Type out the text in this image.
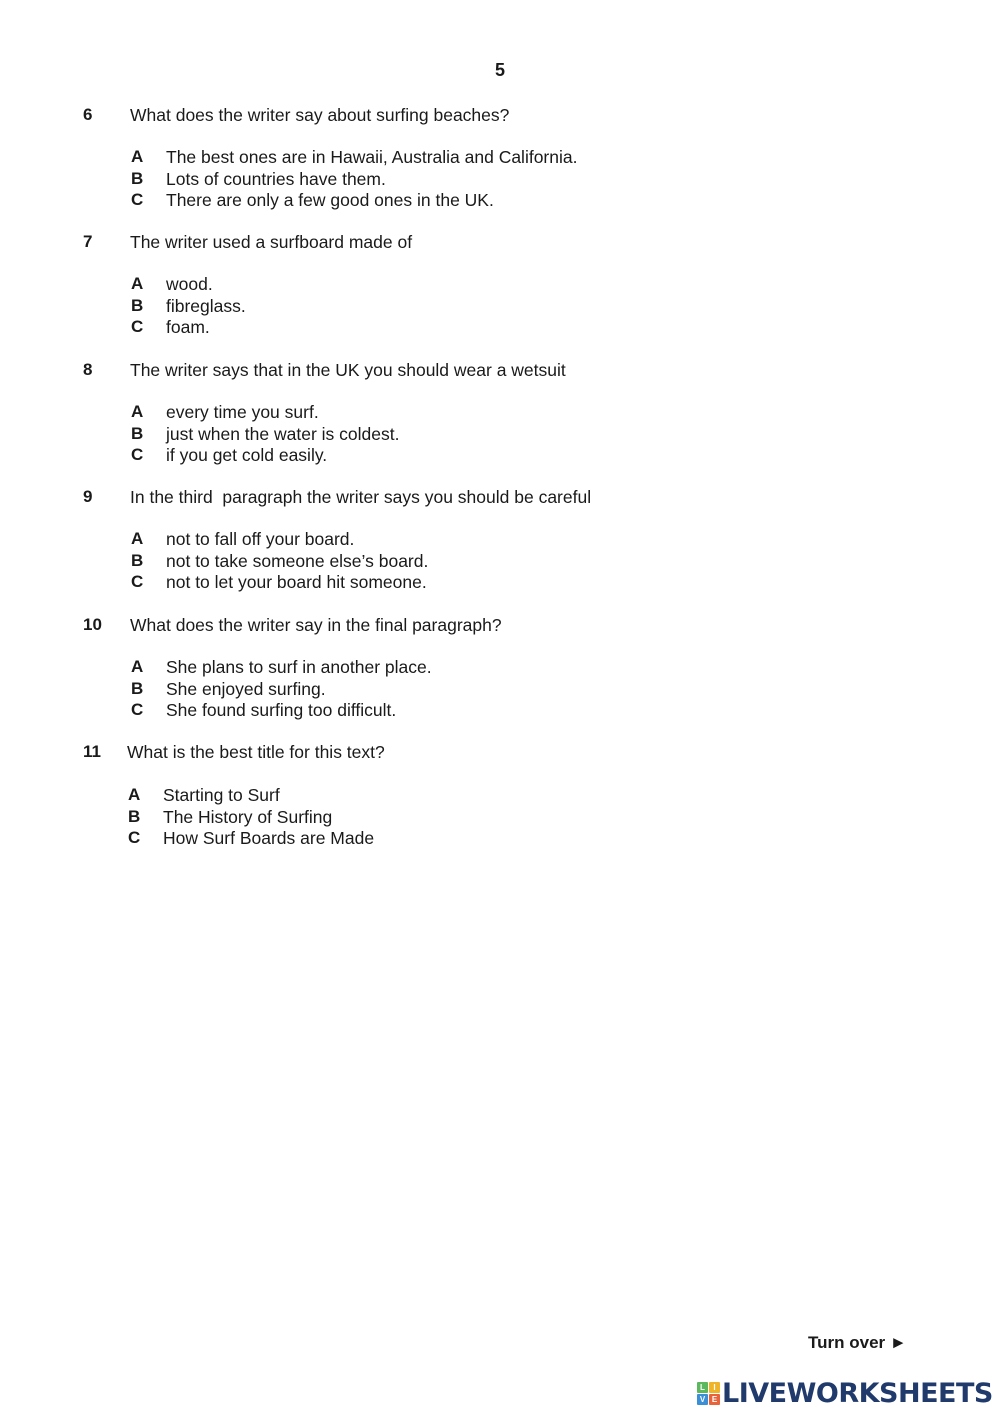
5
6 What does the writer say about surfing beaches?
A The best ones are in Hawaii, Australia and California.
B Lots of countries have them.
C There are only a few good ones in the UK.
7 The writer used a surfboard made of
A wood.
B fibreglass.
C foam.
8 The writer says that in the UK you should wear a wetsuit
A every time you surf.
B just when the water is coldest.
C if you get cold easily.
9 In the third  paragraph the writer says you should be careful
A not to fall off your board.
B not to take someone else’s board.
C not to let your board hit someone.
10 What does the writer say in the final paragraph?
A She plans to surf in another place.
B She enjoyed surfing.
C She found surfing too difficult.
11 What is the best title for this text?
A Starting to Surf
B The History of Surfing
C How Surf Boards are Made
Turn over ►
L	I
V E LIVEWORKSHEETS
